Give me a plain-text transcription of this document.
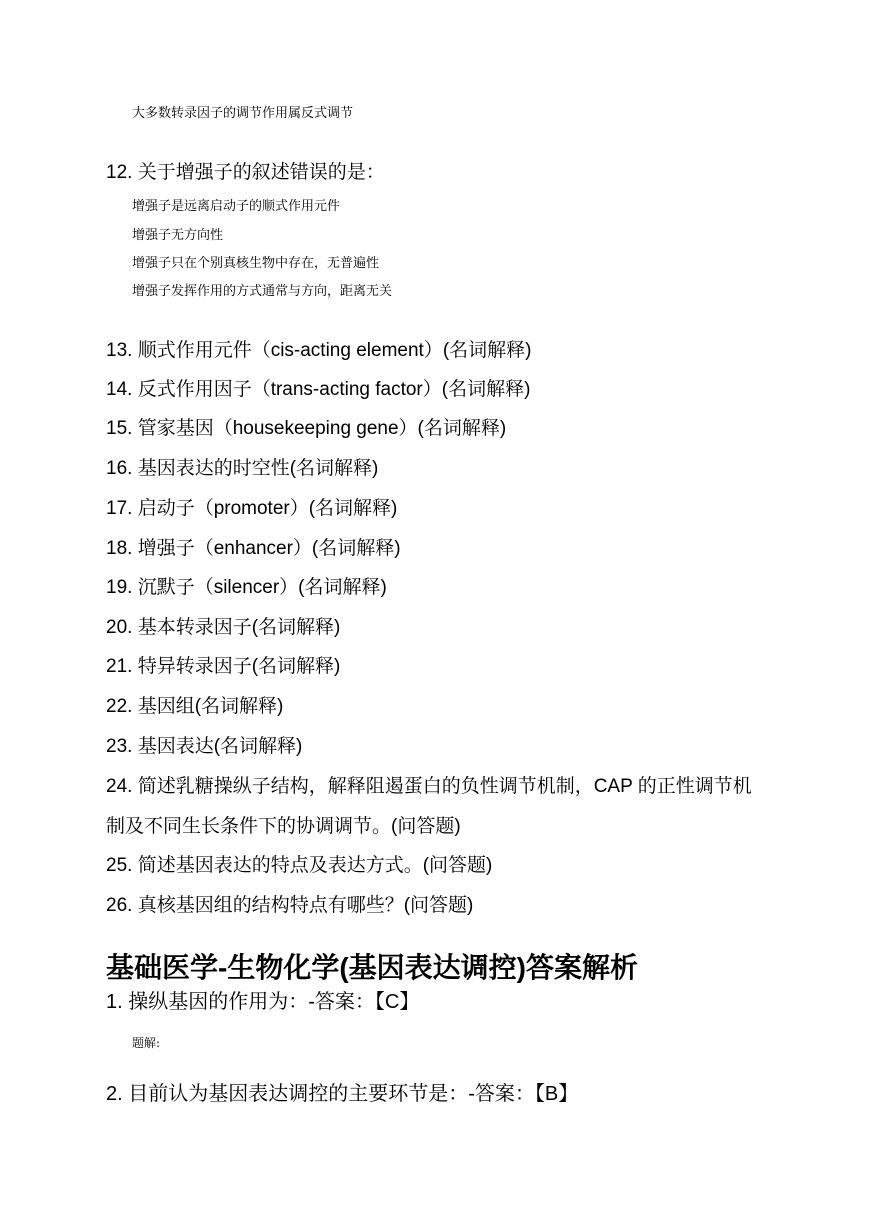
大多数转录因子的调节作用属反式调节
12. 关于增强子的叙述错误的是：
增强子是远离启动子的顺式作用元件
增强子无方向性
增强子只在个别真核生物中存在，无普遍性
增强子发挥作用的方式通常与方向，距离无关
13. 顺式作用元件（cis-acting element）(名词解释)
14. 反式作用因子（trans-acting factor）(名词解释)
15. 管家基因（housekeeping gene）(名词解释)
16. 基因表达的时空性(名词解释)
17. 启动子（promoter）(名词解释)
18. 增强子（enhancer）(名词解释)
19. 沉默子（silencer）(名词解释)
20. 基本转录因子(名词解释)
21. 特异转录因子(名词解释)
22. 基因组(名词解释)
23. 基因表达(名词解释)
24. 简述乳糖操纵子结构，解释阻遏蛋白的负性调节机制，CAP 的正性调节机制及不同生长条件下的协调调节。(问答题)
25. 简述基因表达的特点及表达方式。(问答题)
26. 真核基因组的结构特点有哪些？(问答题)
基础医学-生物化学(基因表达调控)答案解析
1. 操纵基因的作用为：-答案：【C】
题解:
2. 目前认为基因表达调控的主要环节是：-答案：【B】
